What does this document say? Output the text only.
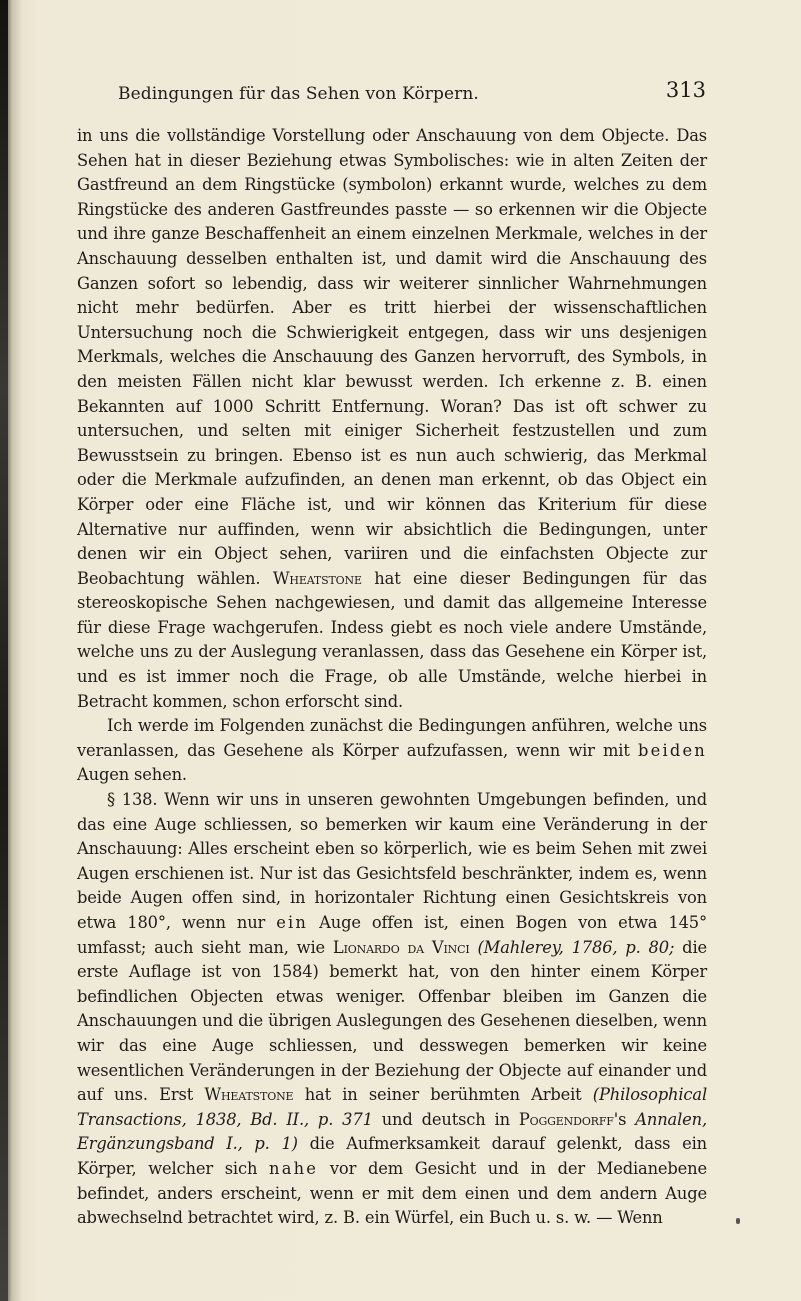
Bedingungen für das Sehen von Körpern.	313

in uns die vollständige Vorstellung oder Anschauung von dem Objecte. Das Sehen hat in dieser Beziehung etwas Symbolisches: wie in alten Zeiten der Gastfreund an dem Ringstücke (symbolon) erkannt wurde, welches zu dem Ringstücke des anderen Gastfreundes passte — so erkennen wir die Objecte und ihre ganze Beschaffenheit an einem einzelnen Merkmale, welches in der Anschauung desselben enthalten ist, und damit wird die Anschauung des Ganzen sofort so lebendig, dass wir weiterer sinnlicher Wahrnehmungen nicht mehr bedürfen. Aber es tritt hierbei der wissenschaftlichen Untersuchung noch die Schwierigkeit entgegen, dass wir uns desjenigen Merkmals, welches die Anschauung des Ganzen hervorruft, des Symbols, in den meisten Fällen nicht klar bewusst werden. Ich erkenne z. B. einen Bekannten auf 1000 Schritt Entfernung. Woran? Das ist oft schwer zu untersuchen, und selten mit einiger Sicherheit festzustellen und zum Bewusstsein zu bringen. Ebenso ist es nun auch schwierig, das Merkmal oder die Merkmale aufzufinden, an denen man erkennt, ob das Object ein Körper oder eine Fläche ist, und wir können das Kriterium für diese Alternative nur auffinden, wenn wir absichtlich die Bedingungen, unter denen wir ein Object sehen, variiren und die einfachsten Objecte zur Beobachtung wählen. Wheatstone hat eine dieser Bedingungen für das stereoskopische Sehen nachgewiesen, und damit das allgemeine Interesse für diese Frage wachgerufen. Indess giebt es noch viele andere Umstände, welche uns zu der Auslegung veranlassen, dass das Gesehene ein Körper ist, und es ist immer noch die Frage, ob alle Umstände, welche hierbei in Betracht kommen, schon erforscht sind.

Ich werde im Folgenden zunächst die Bedingungen anführen, welche uns veranlassen, das Gesehene als Körper aufzufassen, wenn wir mit beiden Augen sehen.

§ 138. Wenn wir uns in unseren gewohnten Umgebungen befinden, und das eine Auge schliessen, so bemerken wir kaum eine Veränderung in der Anschauung: Alles erscheint eben so körperlich, wie es beim Sehen mit zwei Augen erschienen ist. Nur ist das Gesichtsfeld beschränkter, indem es, wenn beide Augen offen sind, in horizontaler Richtung einen Gesichtskreis von etwa 180°, wenn nur ein Auge offen ist, einen Bogen von etwa 145° umfasst; auch sieht man, wie Lionardo da Vinci (Mahlerey, 1786, p. 80; die erste Auflage ist von 1584) bemerkt hat, von den hinter einem Körper befindlichen Objecten etwas weniger. Offenbar bleiben im Ganzen die Anschauungen und die übrigen Auslegungen des Gesehenen dieselben, wenn wir das eine Auge schliessen, und desswegen bemerken wir keine wesentlichen Veränderungen in der Beziehung der Objecte auf einander und auf uns. Erst Wheatstone hat in seiner berühmten Arbeit (Philosophical Transactions, 1838, Bd. II., p. 371 und deutsch in Poggendorff's Annalen, Ergänzungsband I., p. 1) die Aufmerksamkeit darauf gelenkt, dass ein Körper, welcher sich nahe vor dem Gesicht und in der Medianebene befindet, anders erscheint, wenn er mit dem einen und dem andern Auge abwechselnd betrachtet wird, z. B. ein Würfel, ein Buch u. s. w. — Wenn
